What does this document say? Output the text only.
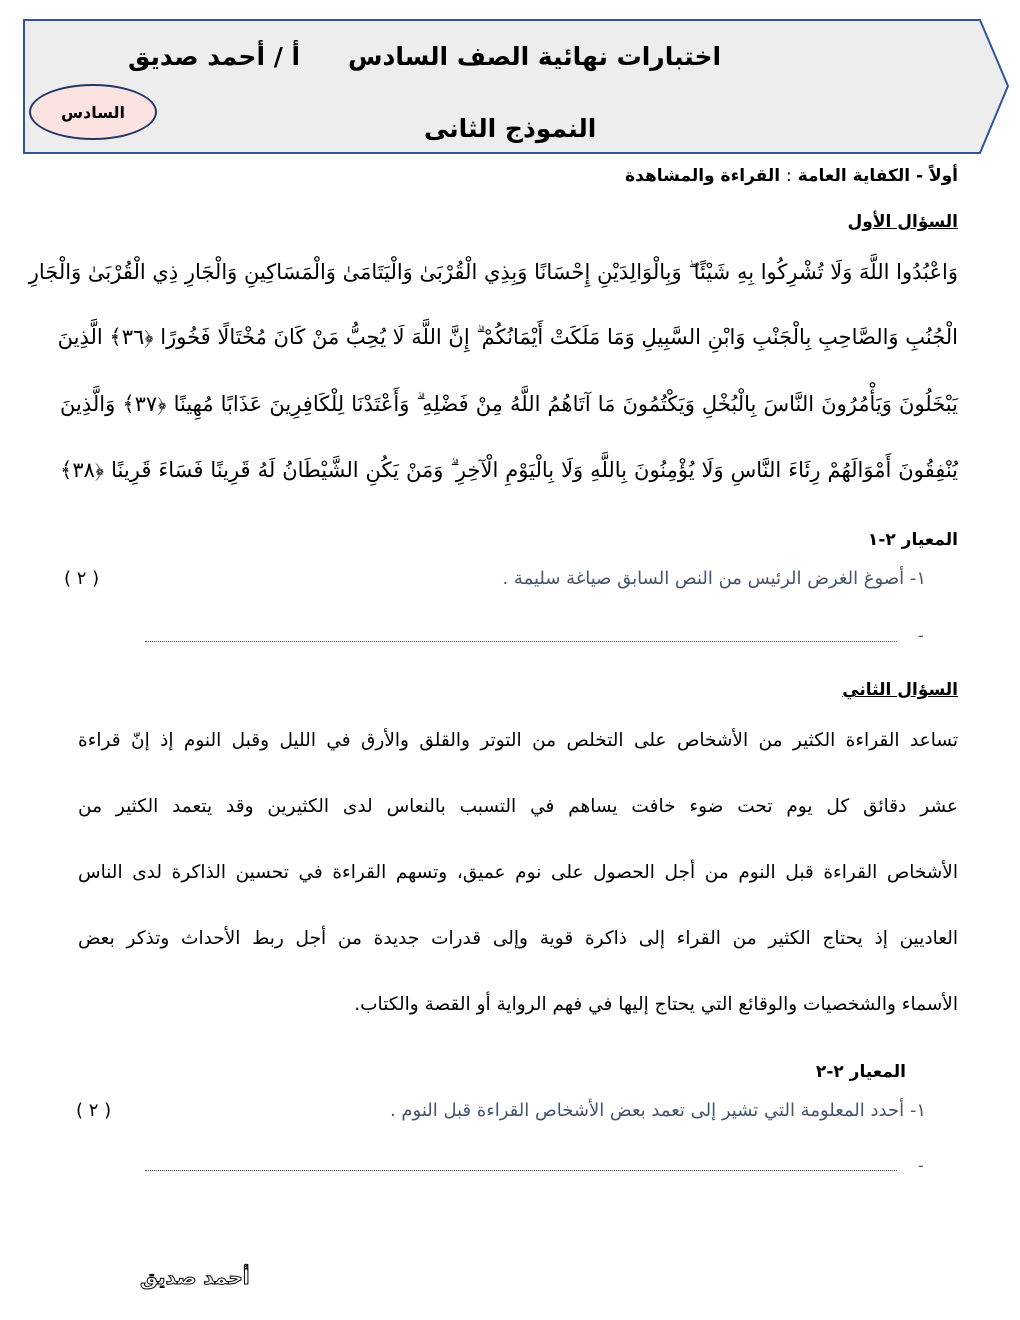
اختبارات نهائية الصف السادس
أ / أحمد صديق
النموذج الثانى
السادس
أولاً - الكفاية العامة : القراءة والمشاهدة
السؤال الأول
وَاعْبُدُوا اللَّهَ وَلَا تُشْرِكُوا بِهِ شَيْئًا ۖ وَبِالْوَالِدَيْنِ إِحْسَانًا وَبِذِي الْقُرْبَىٰ وَالْيَتَامَىٰ وَالْمَسَاكِينِ وَالْجَارِ ذِي الْقُرْبَىٰ وَالْجَارِ
الْجُنُبِ وَالصَّاحِبِ بِالْجَنْبِ وَابْنِ السَّبِيلِ وَمَا مَلَكَتْ أَيْمَانُكُمْ ۗ إِنَّ اللَّهَ لَا يُحِبُّ مَنْ كَانَ مُخْتَالًا فَخُورًا ﴿٣٦﴾ الَّذِينَ
يَبْخَلُونَ وَيَأْمُرُونَ النَّاسَ بِالْبُخْلِ وَيَكْتُمُونَ مَا آتَاهُمُ اللَّهُ مِنْ فَضْلِهِ ۗ وَأَعْتَدْنَا لِلْكَافِرِينَ عَذَابًا مُهِينًا ﴿٣٧﴾ وَالَّذِينَ
يُنْفِقُونَ أَمْوَالَهُمْ رِئَاءَ النَّاسِ وَلَا يُؤْمِنُونَ بِاللَّهِ وَلَا بِالْيَوْمِ الْآخِرِ ۗ وَمَنْ يَكُنِ الشَّيْطَانُ لَهُ قَرِينًا فَسَاءَ قَرِينًا ﴿٣٨﴾
المعيار ٢-١
١- أصوغ الغرض الرئيس من النص السابق صياغة سليمة .
( ٢ )
-
السؤال الثاني
تساعد القراءة الكثير من الأشخاص على التخلص من التوتر والقلق والأرق في الليل وقبل النوم إذ إنّ قراءة
عشر دقائق كل يوم تحت ضوء خافت يساهم في التسبب بالنعاس لدى الكثيرين وقد يتعمد الكثير من
الأشخاص القراءة قبل النوم من أجل الحصول على نوم عميق، وتسهم القراءة في تحسين الذاكرة لدى الناس
العاديين إذ يحتاج الكثير من القراء إلى ذاكرة قوية وإلى قدرات جديدة من أجل ربط الأحداث وتذكر بعض
الأسماء والشخصيات والوقائع التي يحتاج إليها في فهم الرواية أو القصة والكتاب.
المعيار ٢-٢
١- أحدد المعلومة التي تشير إلى تعمد بعض الأشخاص القراءة قبل النوم .
( ٢ )
-
أحمد صديق
